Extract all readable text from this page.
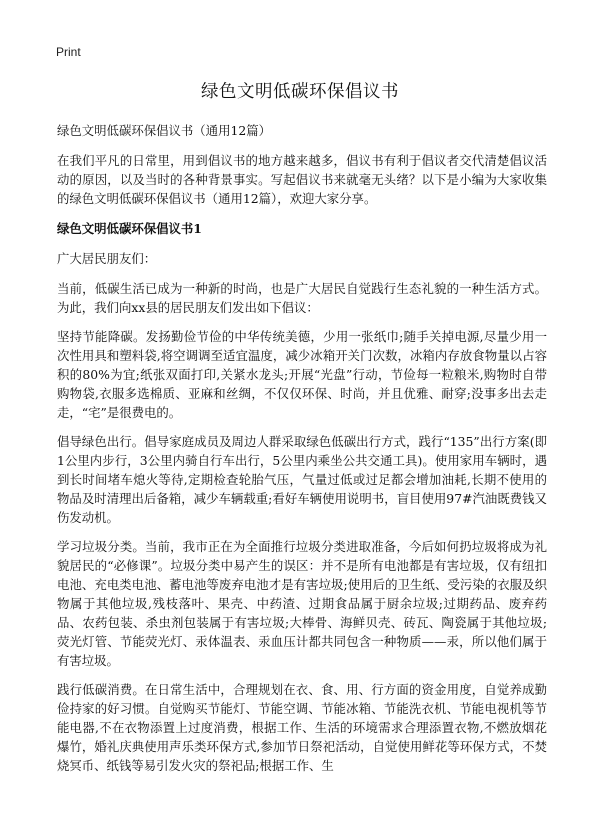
Print
绿色文明低碳环保倡议书

绿色文明低碳环保倡议书（通用12篇）

在我们平凡的日常里，用到倡议书的地方越来越多，倡议书有利于倡议者交代清楚倡议活动的原因，以及当时的各种背景事实。写起倡议书来就毫无头绪？以下是小编为大家收集的绿色文明低碳环保倡议书（通用12篇），欢迎大家分享。

绿色文明低碳环保倡议书1

广大居民朋友们：

当前，低碳生活已成为一种新的时尚，也是广大居民自觉践行生态礼貌的一种生活方式。为此，我们向xx县的居民朋友们发出如下倡议：

坚持节能降碳。发扬勤俭节俭的中华传统美德，少用一张纸巾;随手关掉电源,尽量少用一次性用具和塑料袋,将空调调至适宜温度，减少冰箱开关门次数，冰箱内存放食物量以占容积的80%为宜;纸张双面打印,关紧水龙头;开展“光盘”行动，节俭每一粒粮米,购物时自带购物袋,衣服多选棉质、亚麻和丝绸，不仅仅环保、时尚，并且优雅、耐穿;没事多出去走走，“宅”是很费电的。

倡导绿色出行。倡导家庭成员及周边人群采取绿色低碳出行方式，践行“135”出行方案(即1公里内步行，3公里内骑自行车出行，5公里内乘坐公共交通工具)。使用家用车辆时，遇到长时间堵车熄火等待,定期检查轮胎气压，气量过低或过足都会增加油耗,长期不使用的物品及时清理出后备箱，减少车辆载重;看好车辆使用说明书，盲目使用97#汽油既费钱又伤发动机。

学习垃圾分类。当前，我市正在为全面推行垃圾分类进取准备，今后如何扔垃圾将成为礼貌居民的“必修课”。垃圾分类中易产生的误区：并不是所有电池都是有害垃圾，仅有纽扣电池、充电类电池、蓄电池等废弃电池才是有害垃圾;使用后的卫生纸、受污染的衣服及织物属于其他垃圾,残枝落叶、果壳、中药渣、过期食品属于厨余垃圾;过期药品、废弃药品、农药包装、杀虫剂包装属于有害垃圾;大棒骨、海鲜贝壳、砖瓦、陶瓷属于其他垃圾;荧光灯管、节能荧光灯、汞体温表、汞血压计都共同包含一种物质——汞，所以他们属于有害垃圾。

践行低碳消费。在日常生活中，合理规划在衣、食、用、行方面的资金用度，自觉养成勤俭持家的好习惯。自觉购买节能灯、节能空调、节能冰箱、节能洗衣机、节能电视机等节能电器,不在衣物添置上过度消费，根据工作、生活的环境需求合理添置衣物,不燃放烟花爆竹，婚礼庆典使用声乐类环保方式,参加节日祭祀活动，自觉使用鲜花等环保方式，不焚烧冥币、纸钱等易引发火灾的祭祀品;根据工作、生
